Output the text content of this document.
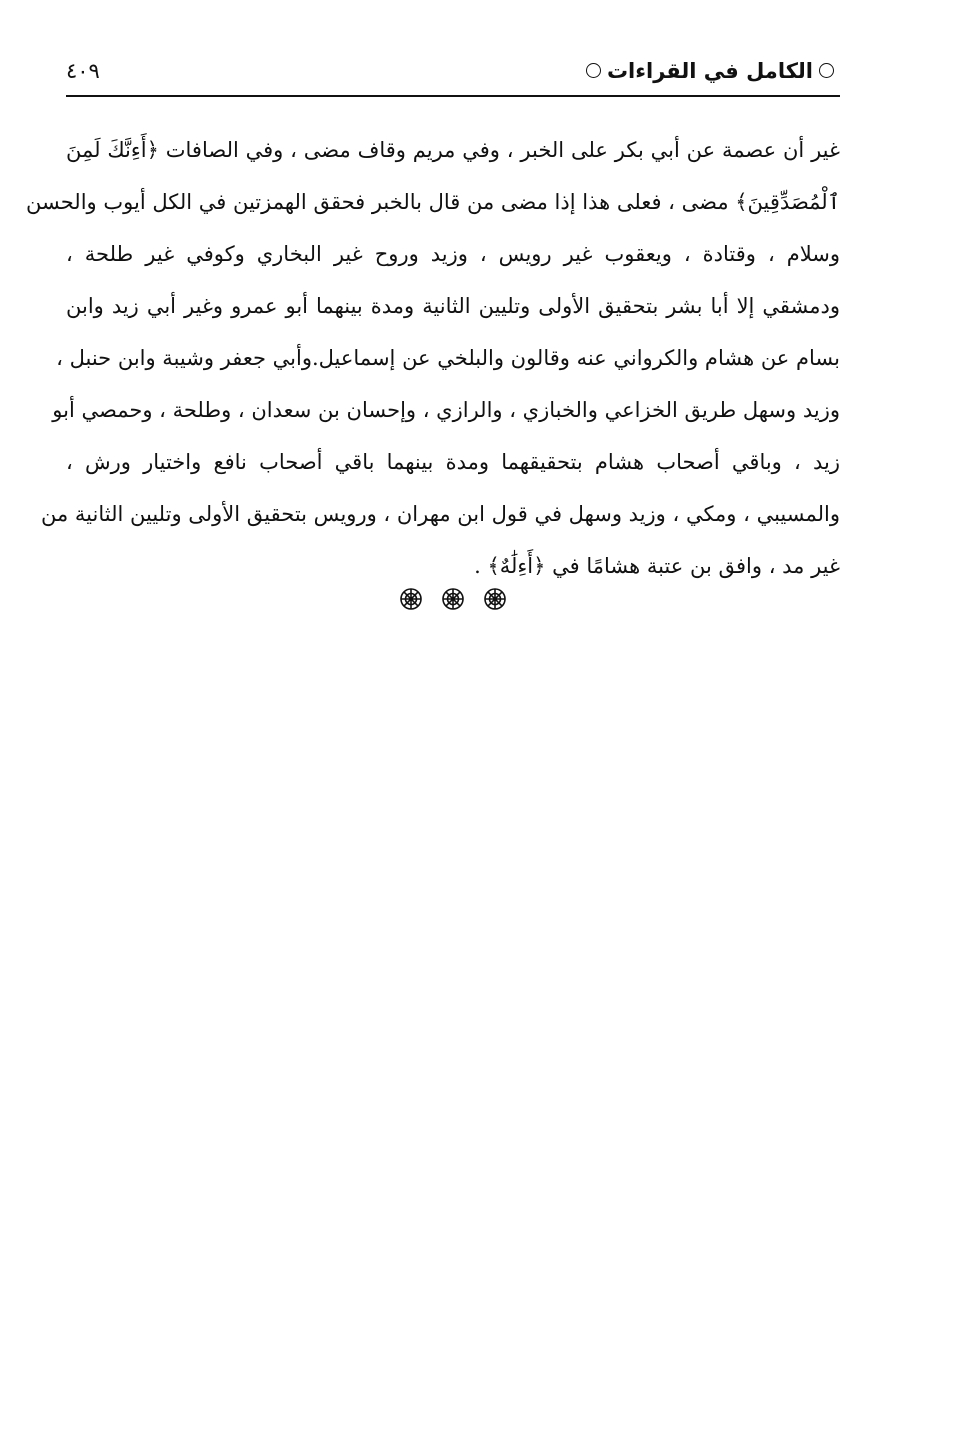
الكامل في القراءات
٤٠٩
غير أن عصمة عن أبي بكر على الخبر ، وفي مريم وقاف مضى ، وفي الصافات ﴿أَءِنَّكَ لَمِنَ
ٱلْمُصَدِّقِينَ﴾ مضى ، فعلى هذا إذا مضى من قال بالخبر فحقق الهمزتين في الكل أيوب والحسن
وسلام ، وقتادة ، ويعقوب غير رويس ، وزيد وروح غير البخاري وكوفي غير طلحة ،
ودمشقي إلا أبا بشر بتحقيق الأولى وتليين الثانية ومدة بينهما أبو عمرو وغير أبي زيد وابن
بسام عن هشام والكرواني عنه وقالون والبلخي عن إسماعيل.وأبي جعفر وشيبة وابن حنبل ،
وزيد وسهل طريق الخزاعي والخبازي ، والرازي ، وإحسان بن سعدان ، وطلحة ، وحمصي أبو
زيد ، وباقي أصحاب هشام بتحقيقهما ومدة بينهما باقي أصحاب نافع واختيار ورش ،
والمسيبي ، ومكي ، وزيد وسهل في قول ابن مهران ، ورويس بتحقيق الأولى وتليين الثانية من
غير مد ، وافق بن عتبة هشامًا في ﴿أَءِلَٰهٌ﴾ .
